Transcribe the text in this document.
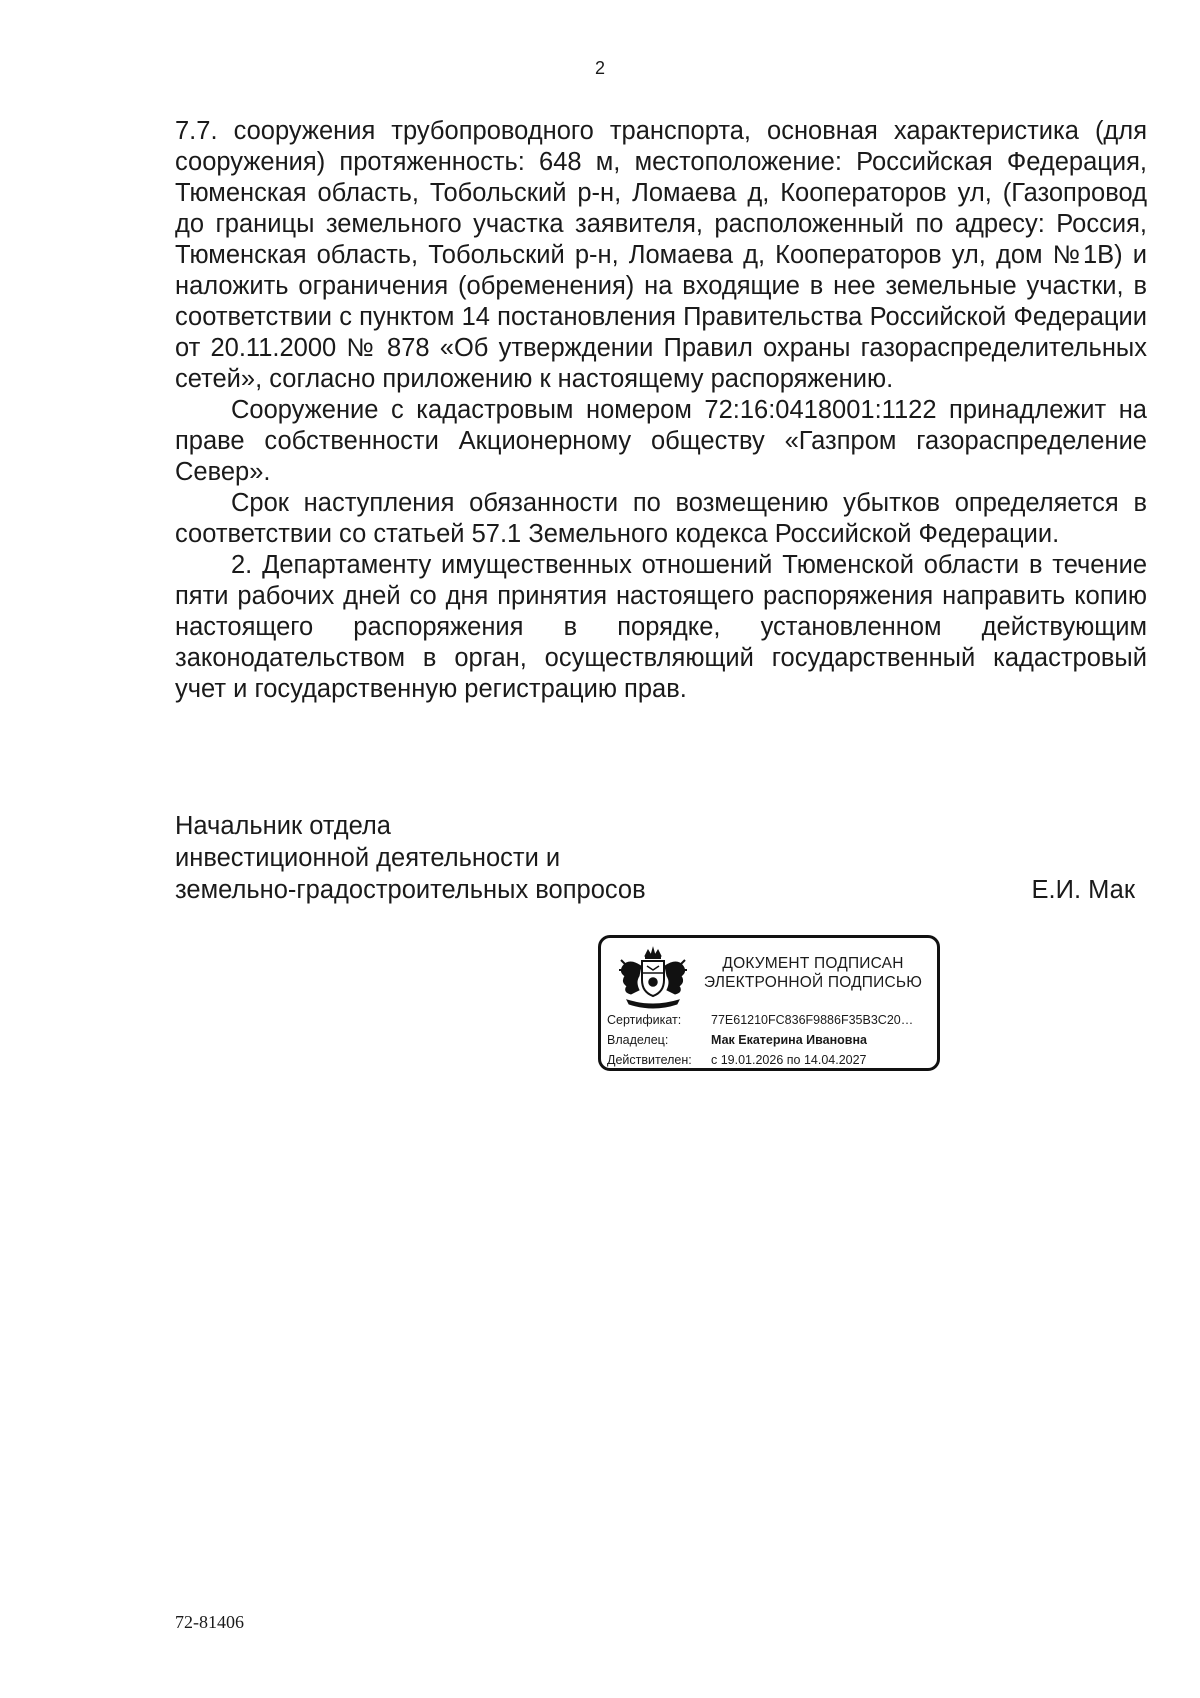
2

7.7. сооружения трубопроводного транспорта, основная характеристика (для сооружения) протяженность: 648 м, местоположение: Российская Федерация, Тюменская область, Тобольский р-н, Ломаева д, Кооператоров ул, (Газопровод до границы земельного участка заявителя, расположенный по адресу: Россия, Тюменская область, Тобольский р-н, Ломаева д, Кооператоров ул, дом №1В) и наложить ограничения (обременения) на входящие в нее земельные участки, в соответствии с пунктом 14 постановления Правительства Российской Федерации от 20.11.2000 № 878 «Об утверждении Правил охраны газораспределительных сетей», согласно приложению к настоящему распоряжению.

Сооружение с кадастровым номером 72:16:0418001:1122 принадлежит на праве собственности Акционерному обществу «Газпром газораспределение Север».

Срок наступления обязанности по возмещению убытков определяется в соответствии со статьей 57.1 Земельного кодекса Российской Федерации.

2. Департаменту имущественных отношений Тюменской области в течение пяти рабочих дней со дня принятия настоящего распоряжения направить копию настоящего распоряжения в порядке, установленном действующим законодательством в орган, осуществляющий государственный кадастровый учет и государственную регистрацию прав.

Начальник отдела
инвестиционной деятельности и
земельно-градостроительных вопросов	Е.И. Мак
ДОКУМЕНТ ПОДПИСАН
ЭЛЕКТРОННОЙ ПОДПИСЬЮ
Сертификат:	77E61210FC836F9886F35B3C20…
Владелец:	Мак Екатерина Ивановна
Действителен:	с 19.01.2026 по 14.04.2027
72-81406
